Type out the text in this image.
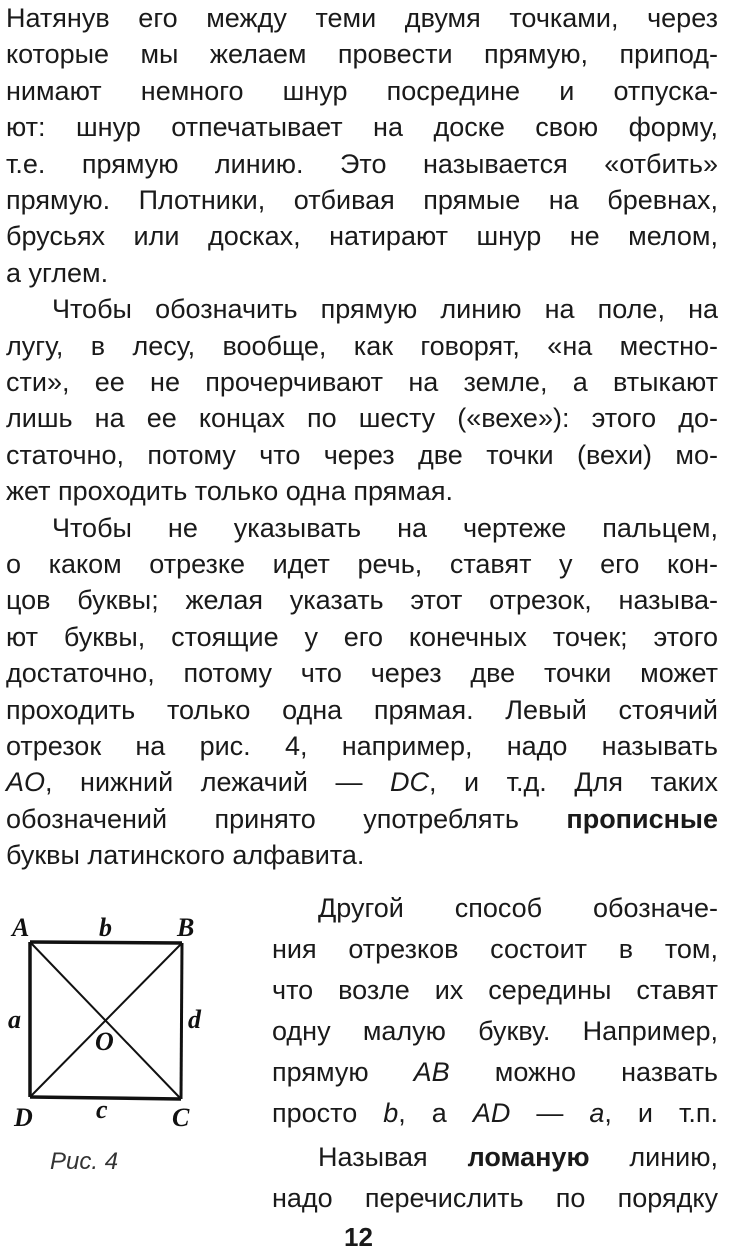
Натянув его между теми двумя точками, через
которые мы желаем провести прямую, припод-
нимают немного шнур посредине и отпуска-
ют: шнур отпечатывает на доске свою форму,
т.е. прямую линию. Это называется «отбить»
прямую. Плотники, отбивая прямые на бревнах,
брусьях или досках, натирают шнур не мелом,
а углем.
Чтобы обозначить прямую линию на поле, на
лугу, в лесу, вообще, как говорят, «на местно-
сти», ее не прочерчивают на земле, а втыкают
лишь на ее концах по шесту («вехе»): этого до-
статочно, потому что через две точки (вехи) мо-
жет проходить только одна прямая.
Чтобы не указывать на чертеже пальцем,
о каком отрезке идет речь, ставят у его кон-
цов буквы; желая указать этот отрезок, называ-
ют буквы, стоящие у его конечных точек; этого
достаточно, потому что через две точки может
проходить только одна прямая. Левый стоячий
отрезок на рис. 4, например, надо называть
AO, нижний лежачий — DC, и т.д. Для таких
обозначений принято употреблять прописные
буквы латинского алфавита.
Другой способ обозначе-
ния отрезков состоит в том,
что возле их середины ставят
одну малую букву. Например,
прямую AB можно назвать
просто b, а AD — a, и т.п.
Называя ломаную линию,
надо перечислить по порядку
A	b	B
a	d
O
D c C
Рис. 4
12
